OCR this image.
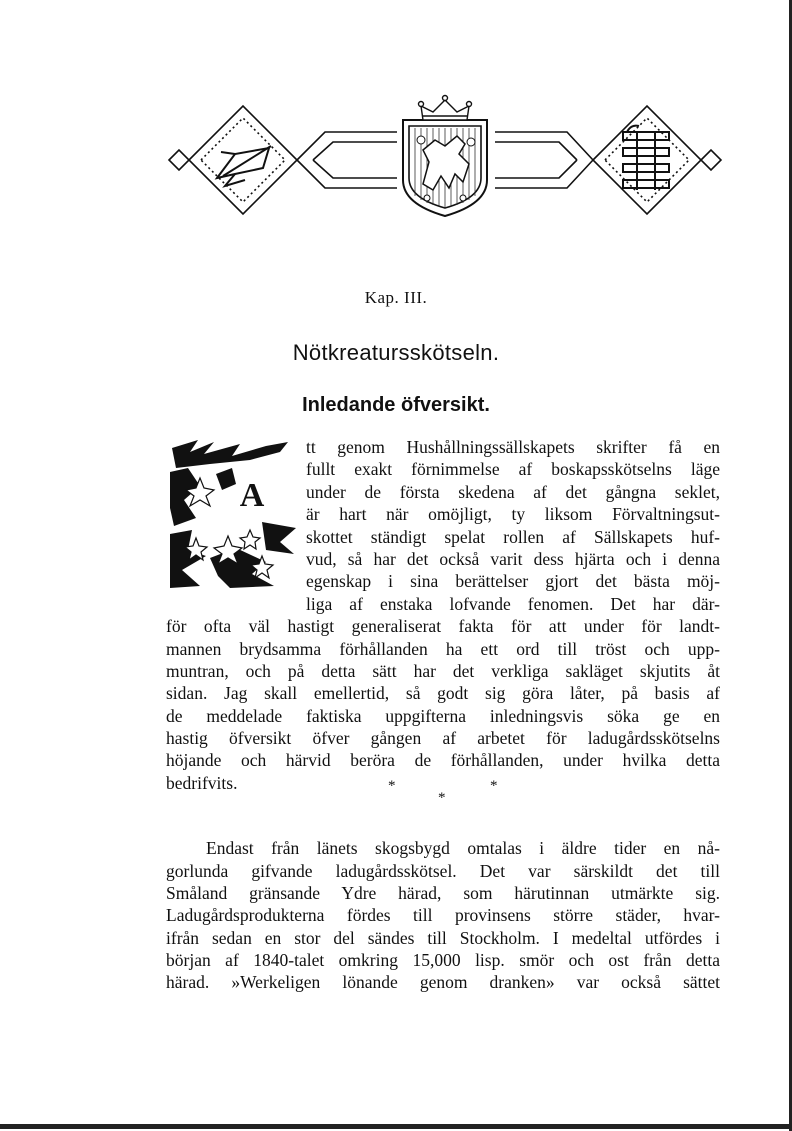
Kap. III.
Nötkreatursskötseln.
Inledande öfversikt.
A
tt genom Hushållningssällskapets skrifter få en
fullt exakt förnimmelse af boskapsskötselns läge
under de första skedena af det gångna seklet,
är hart när omöjligt, ty liksom Förvaltningsut-
skottet ständigt spelat rollen af Sällskapets huf-
vud, så har det också varit dess hjärta och i denna
egenskap i sina berättelser gjort det bästa möj-
liga af enstaka lofvande fenomen. Det har där-
för ofta väl hastigt generaliserat fakta för att under för landt-
mannen brydsamma förhållanden ha ett ord till tröst och upp-
muntran, och på detta sätt har det verkliga sakläget skjutits åt
sidan. Jag skall emellertid, så godt sig göra låter, på basis af
de meddelade faktiska uppgifterna inledningsvis söka ge en
hastig öfversikt öfver gången af arbetet för ladugårdsskötselns
höjande och härvid beröra de förhållanden, under hvilka detta
bedrifvits.	*
*
*
Endast från länets skogsbygd omtalas i äldre tider en nå-
gorlunda gifvande ladugårdsskötsel. Det var särskildt det till
Småland gränsande Ydre härad, som härutinnan utmärkte sig.
Ladugårdsprodukterna fördes till provinsens större städer, hvar-
ifrån sedan en stor del sändes till Stockholm. I medeltal utfördes i
början af 1840-talet omkring 15,000 lisp. smör och ost från detta
härad. »Werkeligen lönande genom dranken» var också sättet
